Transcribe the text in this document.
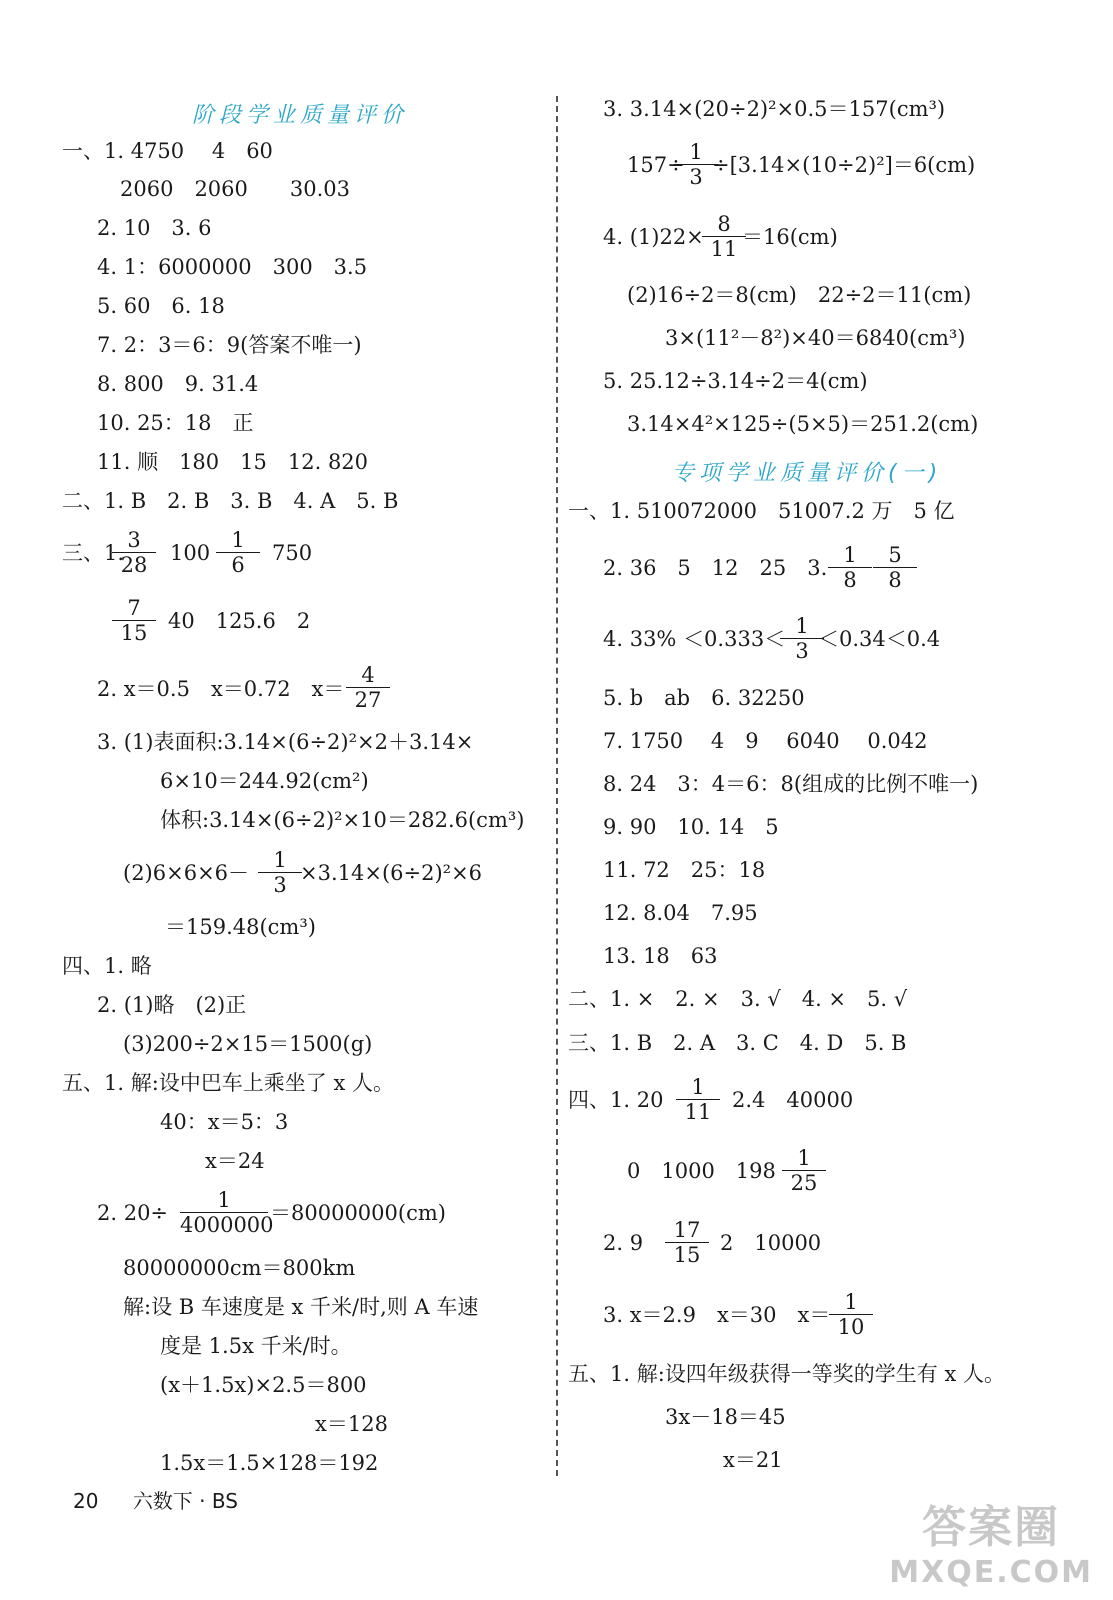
阶段学业质量评价
一、1. 4750　 4　60
2060　2060　　30.03
2. 10　3. 6
4. 1：6000000　300　3.5
5. 60　6. 18
7. 2：3＝6：9(答案不唯一)
8. 800　9. 31.4
10. 25：18　正
11. 顺　180　15　12. 820
二、1. B　2. B　3. B　4. A　5. B
三、1.
3
28	100
1
6	750
7
15 40　125.6　2
2. x＝0.5　x＝0.72　x＝
4
27
3. (1)表面积:3.14×(6÷2)²×2＋3.14×
6×10＝244.92(cm²)
体积:3.14×(6÷2)²×10＝282.6(cm³)
(2)6×6×6－
1
3 ×3.14×(6÷2)²×6
＝159.48(cm³)
四、1. 略
2. (1)略　(2)正
(3)200÷2×15＝1500(g)
五、1. 解:设中巴车上乘坐了 x 人。
40：x＝5：3
x＝24
2. 20÷
1
4000000
＝80000000(cm)
80000000cm＝800km
解:设 B 车速度是 x 千米/时,则 A 车速
度是 1.5x 千米/时。
(x＋1.5x)×2.5＝800
x＝128
1.5x＝1.5×128＝192
3. 3.14×(20÷2)²×0.5＝157(cm³)
157÷
1
3 ÷[3.14×(10÷2)²]＝6(cm)
4. (1)22×
8
11 ＝16(cm)
(2)16÷2＝8(cm)　22÷2＝11(cm)
3×(11²－8²)×40＝6840(cm³)
5. 25.12÷3.14÷2＝4(cm)
3.14×4²×125÷(5×5)＝251.2(cm)
专项学业质量评价(一)
一、1. 510072000　51007.2 万　5 亿
2. 36　5　12　25　3.
1
8
5
8
4. 33% ＜0.333＜
1
3 ＜0.34＜0.4
5. b　ab　6. 32250
7. 1750　 4　9　 6040　 0.042
8. 24　3：4＝6：8(组成的比例不唯一)
9. 90　10. 14　5
11. 72　25：18
12. 8.04　7.95
13. 18　63
二、1. ×　2. ×　3. √　4. ×　5. √
三、1. B　2. A　3. C　4. D　5. B
四、1. 20
1
11 2.4　40000
0　1000　198
1
25
2. 9
17
15 2　10000
3. x＝2.9　x＝30　x＝
1
10
五、1. 解:设四年级获得一等奖的学生有 x 人。
3x－18＝45
x＝21
20 六数下 · BS
答案圈
MXQE.COM
